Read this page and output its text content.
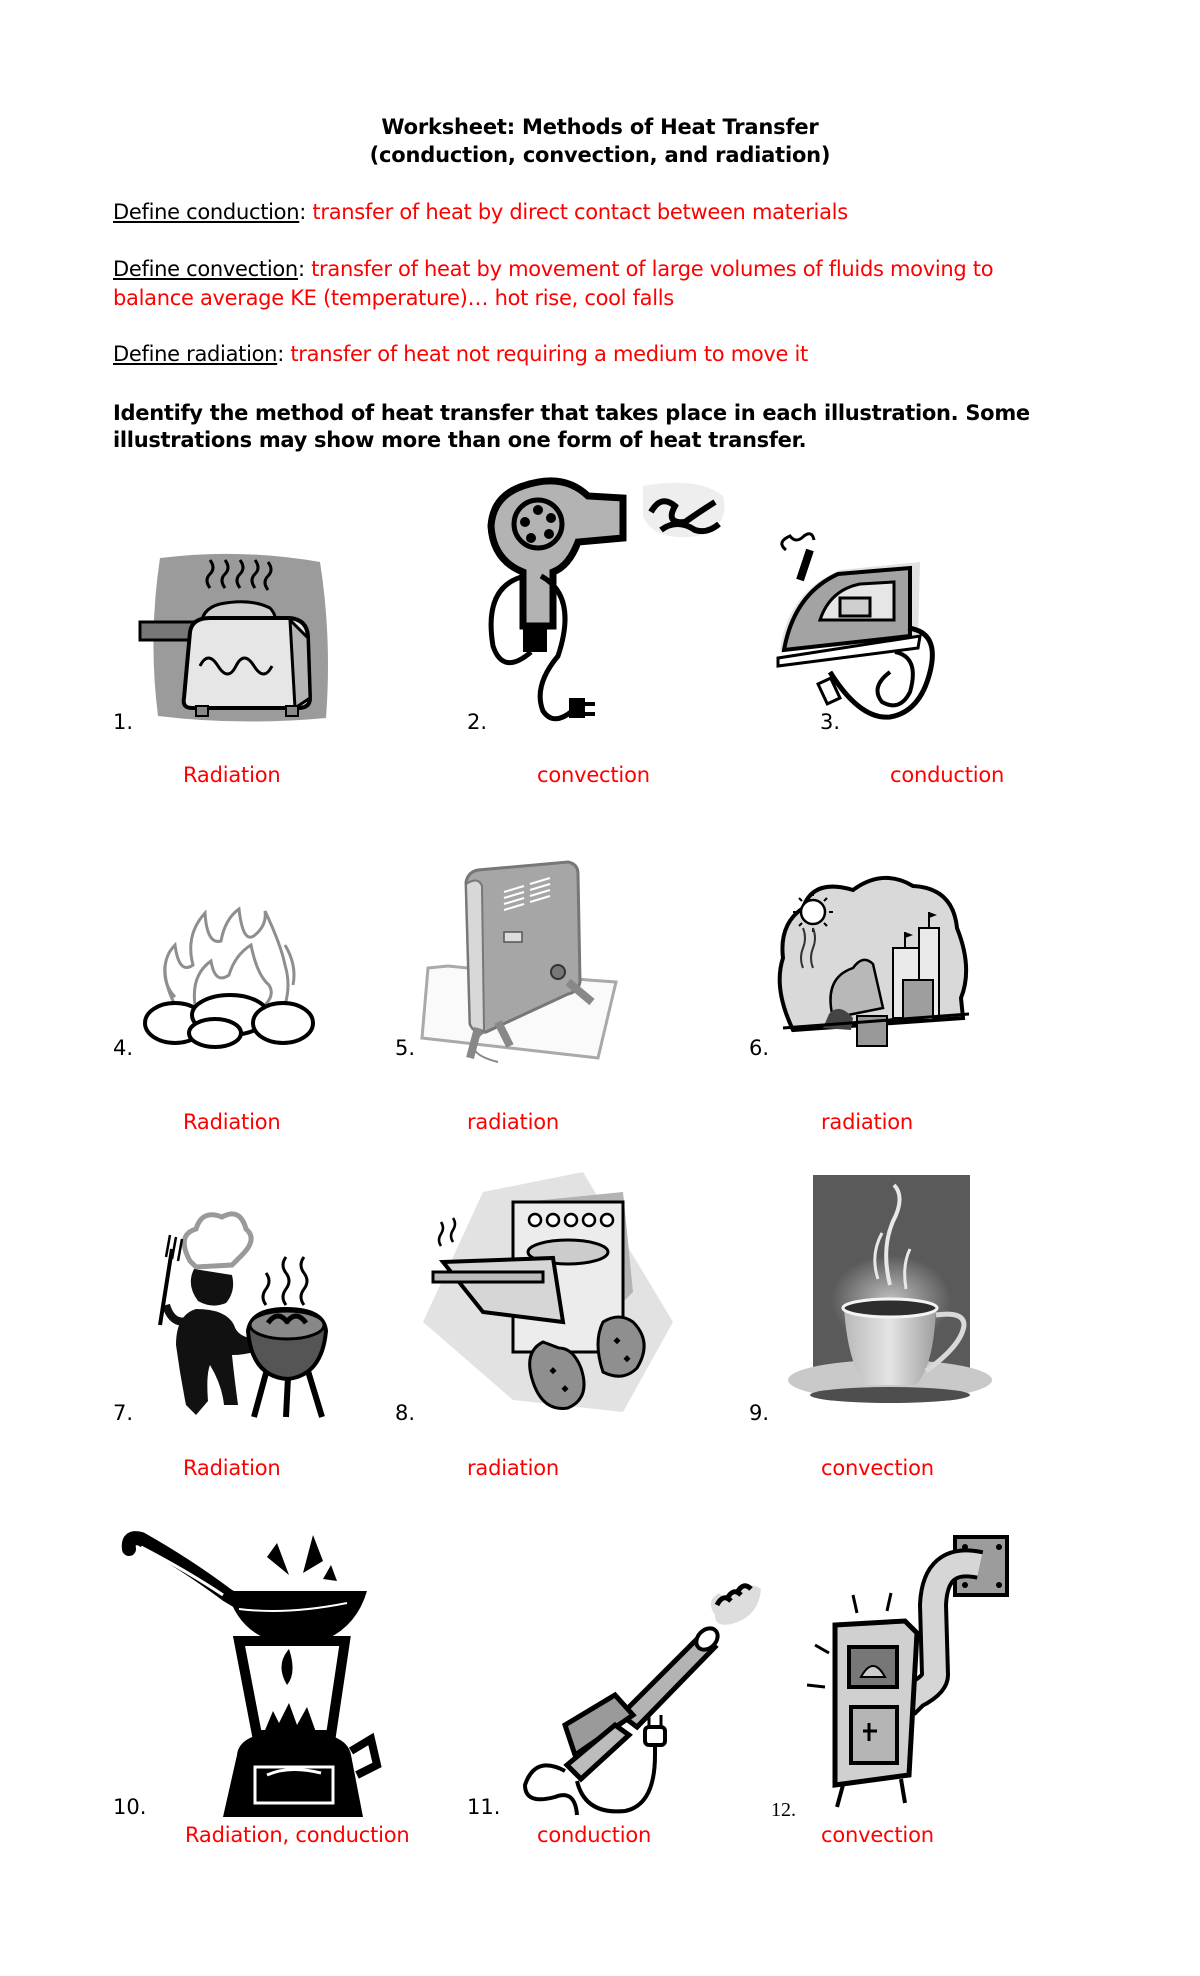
Worksheet: Methods of Heat Transfer
(conduction, convection, and radiation)
Define conduction: transfer of heat by direct contact between materials
Define convection: transfer of heat by movement of large volumes of fluids moving to
balance average KE (temperature)… hot rise, cool falls
Define radiation: transfer of heat not requiring a medium to move it
Identify the method of heat transfer that takes place in each illustration. Some
illustrations may show more than one form of heat transfer.
1.	2.	3.
Radiation	convection	conduction
4.	5.	6.
Radiation	radiation	radiation
7.	8.	9.
Radiation	radiation	convection
10.	11.	12.
Radiation, conduction	conduction	convection
